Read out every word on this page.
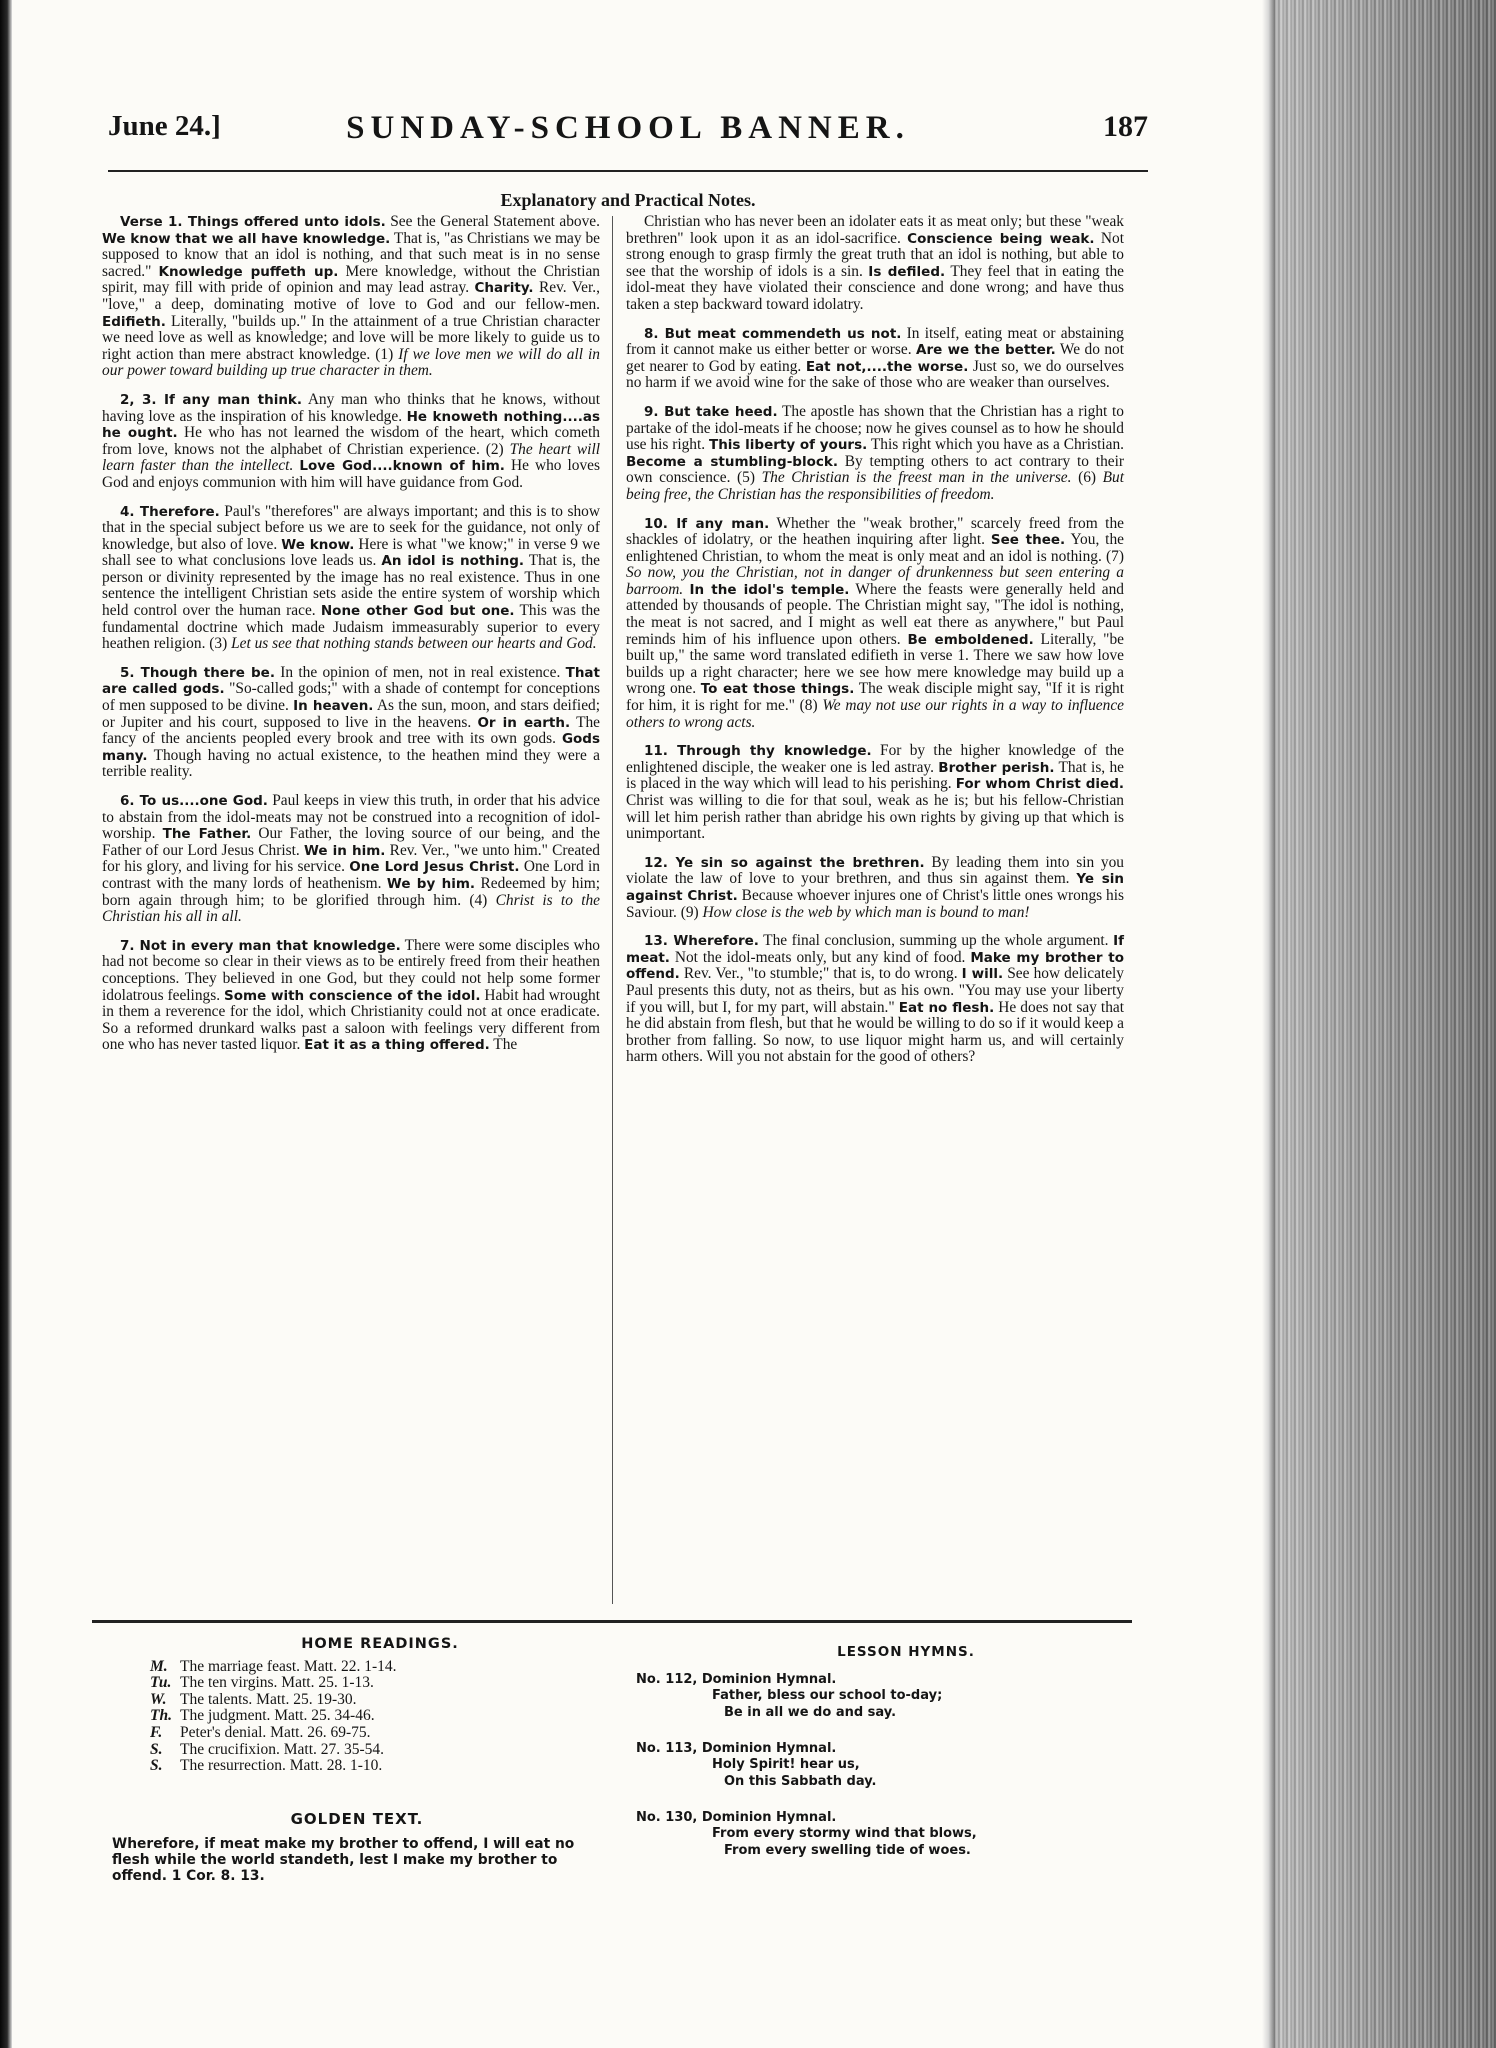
June 24.]	SUNDAY-SCHOOL BANNER.	187
Explanatory and Practical Notes.

Verse 1. Things offered unto idols. See the General Statement above. We know that we all have knowledge. That is, "as Christians we may be supposed to know that an idol is nothing, and that such meat is in no sense sacred." Knowledge puffeth up. Mere knowledge, without the Christian spirit, may fill with pride of opinion and may lead astray. Charity. Rev. Ver., "love," a deep, dominating motive of love to God and our fellow-men. Edifieth. Literally, "builds up." In the attainment of a true Christian character we need love as well as knowledge; and love will be more likely to guide us to right action than mere abstract knowledge. (1) If we love men we will do all in our power toward building up true character in them.

2, 3. If any man think. Any man who thinks that he knows, without having love as the inspiration of his knowledge. He knoweth nothing....as he ought. He who has not learned the wisdom of the heart, which cometh from love, knows not the alphabet of Christian experience. (2) The heart will learn faster than the intellect. Love God....known of him. He who loves God and enjoys communion with him will have guidance from God.

4. Therefore. Paul's "therefores" are always important; and this is to show that in the special subject before us we are to seek for the guidance, not only of knowledge, but also of love. We know. Here is what "we know;" in verse 9 we shall see to what conclusions love leads us. An idol is nothing. That is, the person or divinity represented by the image has no real existence. Thus in one sentence the intelligent Christian sets aside the entire system of worship which held control over the human race. None other God but one. This was the fundamental doctrine which made Judaism immeasurably superior to every heathen religion. (3) Let us see that nothing stands between our hearts and God.

5. Though there be. In the opinion of men, not in real existence. That are called gods. "So-called gods;" with a shade of contempt for conceptions of men supposed to be divine. In heaven. As the sun, moon, and stars deified; or Jupiter and his court, supposed to live in the heavens. Or in earth. The fancy of the ancients peopled every brook and tree with its own gods. Gods many. Though having no actual existence, to the heathen mind they were a terrible reality.

6. To us....one God. Paul keeps in view this truth, in order that his advice to abstain from the idol-meats may not be construed into a recognition of idol-worship. The Father. Our Father, the loving source of our being, and the Father of our Lord Jesus Christ. We in him. Rev. Ver., "we unto him." Created for his glory, and living for his service. One Lord Jesus Christ. One Lord in contrast with the many lords of heathenism. We by him. Redeemed by him; born again through him; to be glorified through him. (4) Christ is to the Christian his all in all.

7. Not in every man that knowledge. There were some disciples who had not become so clear in their views as to be entirely freed from their heathen conceptions. They believed in one God, but they could not help some former idolatrous feelings. Some with conscience of the idol. Habit had wrought in them a reverence for the idol, which Christianity could not at once eradicate. So a reformed drunkard walks past a saloon with feelings very different from one who has never tasted liquor. Eat it as a thing offered. The

Christian who has never been an idolater eats it as meat only; but these "weak brethren" look upon it as an idol-sacrifice. Conscience being weak. Not strong enough to grasp firmly the great truth that an idol is nothing, but able to see that the worship of idols is a sin. Is defiled. They feel that in eating the idol-meat they have violated their conscience and done wrong; and have thus taken a step backward toward idolatry.

8. But meat commendeth us not. In itself, eating meat or abstaining from it cannot make us either better or worse. Are we the better. We do not get nearer to God by eating. Eat not,....the worse. Just so, we do ourselves no harm if we avoid wine for the sake of those who are weaker than ourselves.

9. But take heed. The apostle has shown that the Christian has a right to partake of the idol-meats if he choose; now he gives counsel as to how he should use his right. This liberty of yours. This right which you have as a Christian. Become a stumbling-block. By tempting others to act contrary to their own conscience. (5) The Christian is the freest man in the universe. (6) But being free, the Christian has the responsibilities of freedom.

10. If any man. Whether the "weak brother," scarcely freed from the shackles of idolatry, or the heathen inquiring after light. See thee. You, the enlightened Christian, to whom the meat is only meat and an idol is nothing. (7) So now, you the Christian, not in danger of drunkenness but seen entering a barroom. In the idol's temple. Where the feasts were generally held and attended by thousands of people. The Christian might say, "The idol is nothing, the meat is not sacred, and I might as well eat there as anywhere," but Paul reminds him of his influence upon others. Be emboldened. Literally, "be built up," the same word translated edifieth in verse 1. There we saw how love builds up a right character; here we see how mere knowledge may build up a wrong one. To eat those things. The weak disciple might say, "If it is right for him, it is right for me." (8) We may not use our rights in a way to influence others to wrong acts.

11. Through thy knowledge. For by the higher knowledge of the enlightened disciple, the weaker one is led astray. Brother perish. That is, he is placed in the way which will lead to his perishing. For whom Christ died. Christ was willing to die for that soul, weak as he is; but his fellow-Christian will let him perish rather than abridge his own rights by giving up that which is unimportant.

12. Ye sin so against the brethren. By leading them into sin you violate the law of love to your brethren, and thus sin against them. Ye sin against Christ. Because whoever injures one of Christ's little ones wrongs his Saviour. (9) How close is the web by which man is bound to man!

13. Wherefore. The final conclusion, summing up the whole argument. If meat. Not the idol-meats only, but any kind of food. Make my brother to offend. Rev. Ver., "to stumble;" that is, to do wrong. I will. See how delicately Paul presents this duty, not as theirs, but as his own. "You may use your liberty if you will, but I, for my part, will abstain." Eat no flesh. He does not say that he did abstain from flesh, but that he would be willing to do so if it would keep a brother from falling. So now, to use liquor might harm us, and will certainly harm others. Will you not abstain for the good of others?

HOME READINGS.
M. The marriage feast. Matt. 22. 1-14.
Tu. The ten virgins. Matt. 25. 1-13.
W. The talents. Matt. 25. 19-30.
Th. The judgment. Matt. 25. 34-46.
F. Peter's denial. Matt. 26. 69-75.
S. The crucifixion. Matt. 27. 35-54.
S. The resurrection. Matt. 28. 1-10.
GOLDEN TEXT.
Wherefore, if meat make my brother to offend, I will eat no flesh while the world standeth, lest I make my brother to offend. 1 Cor. 8. 13.
LESSON HYMNS.
No. 112, Dominion Hymnal.
Father, bless our school to-day;
Be in all we do and say.
No. 113, Dominion Hymnal.
Holy Spirit! hear us,
On this Sabbath day.
No. 130, Dominion Hymnal.
From every stormy wind that blows,
From every swelling tide of woes.
